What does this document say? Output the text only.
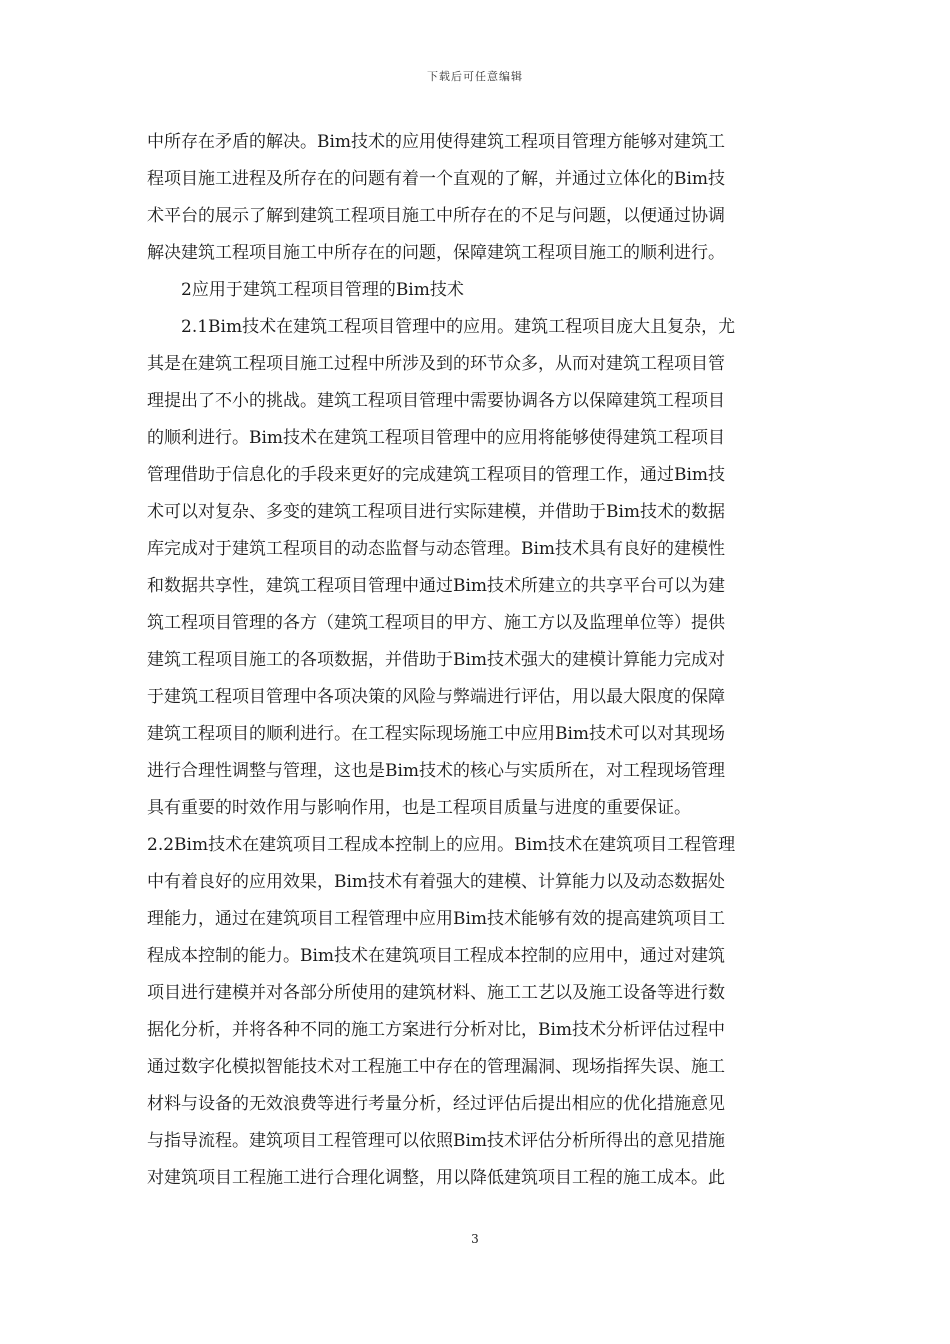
下载后可任意编辑
中所存在矛盾的解决。Bim技术的应用使得建筑工程项目管理方能够对建筑工
程项目施工进程及所存在的问题有着一个直观的了解，并通过立体化的Bim技
术平台的展示了解到建筑工程项目施工中所存在的不足与问题，以便通过协调
解决建筑工程项目施工中所存在的问题，保障建筑工程项目施工的顺利进行。
2应用于建筑工程项目管理的Bim技术
2.1Bim技术在建筑工程项目管理中的应用。建筑工程项目庞大且复杂，尤
其是在建筑工程项目施工过程中所涉及到的环节众多，从而对建筑工程项目管
理提出了不小的挑战。建筑工程项目管理中需要协调各方以保障建筑工程项目
的顺利进行。Bim技术在建筑工程项目管理中的应用将能够使得建筑工程项目
管理借助于信息化的手段来更好的完成建筑工程项目的管理工作，通过Bim技
术可以对复杂、多变的建筑工程项目进行实际建模，并借助于Bim技术的数据
库完成对于建筑工程项目的动态监督与动态管理。Bim技术具有良好的建模性
和数据共享性，建筑工程项目管理中通过Bim技术所建立的共享平台可以为建
筑工程项目管理的各方（建筑工程项目的甲方、施工方以及监理单位等）提供
建筑工程项目施工的各项数据，并借助于Bim技术强大的建模计算能力完成对
于建筑工程项目管理中各项决策的风险与弊端进行评估，用以最大限度的保障
建筑工程项目的顺利进行。在工程实际现场施工中应用Bim技术可以对其现场
进行合理性调整与管理，这也是Bim技术的核心与实质所在，对工程现场管理
具有重要的时效作用与影响作用，也是工程项目质量与进度的重要保证。
2.2Bim技术在建筑项目工程成本控制上的应用。Bim技术在建筑项目工程管理
中有着良好的应用效果，Bim技术有着强大的建模、计算能力以及动态数据处
理能力，通过在建筑项目工程管理中应用Bim技术能够有效的提高建筑项目工
程成本控制的能力。Bim技术在建筑项目工程成本控制的应用中，通过对建筑
项目进行建模并对各部分所使用的建筑材料、施工工艺以及施工设备等进行数
据化分析，并将各种不同的施工方案进行分析对比，Bim技术分析评估过程中
通过数字化模拟智能技术对工程施工中存在的管理漏洞、现场指挥失误、施工
材料与设备的无效浪费等进行考量分析，经过评估后提出相应的优化措施意见
与指导流程。建筑项目工程管理可以依照Bim技术评估分析所得出的意见措施
对建筑项目工程施工进行合理化调整，用以降低建筑项目工程的施工成本。此
3
